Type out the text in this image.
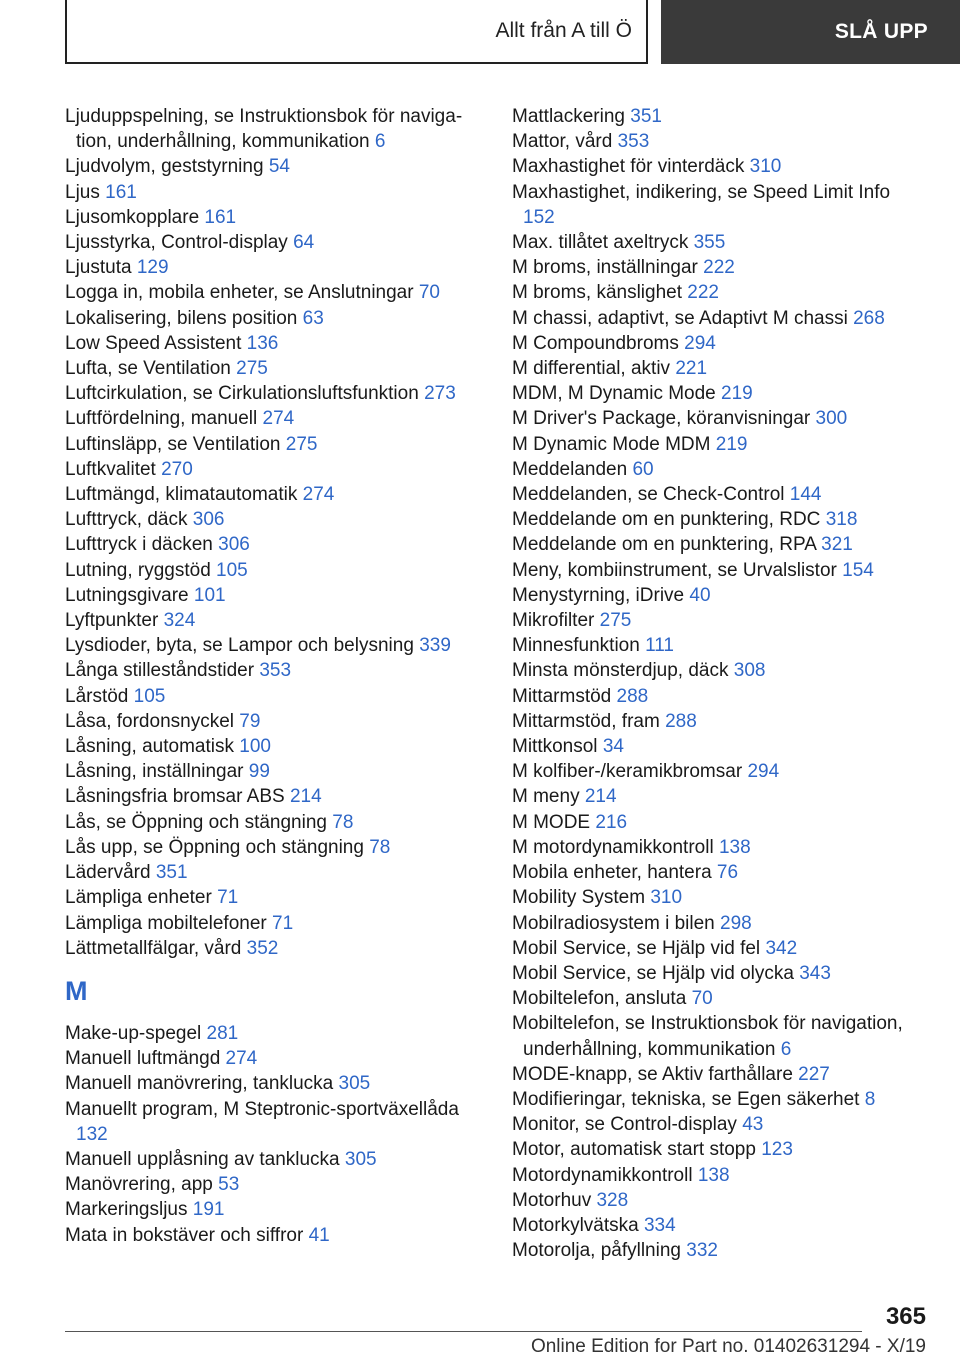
Allt från A till Ö	SLÅ UPP
Ljuduppspelning, se Instruktionsbok för navigation, underhållning, kommunikation 6
Ljudvolym, geststyrning 54
Ljus 161
Ljusomkopplare 161
Ljusstyrka, Control-display 64
Ljustuta 129
Logga in, mobila enheter, se Anslutningar 70
Lokalisering, bilens position 63
Low Speed Assistent 136
Lufta, se Ventilation 275
Luftcirkulation, se Cirkulationsluftsfunktion 273
Luftfördelning, manuell 274
Luftinsläpp, se Ventilation 275
Luftkvalitet 270
Luftmängd, klimatautomatik 274
Lufttryck, däck 306
Lufttryck i däcken 306
Lutning, ryggstöd 105
Lutningsgivare 101
Lyftpunkter 324
Lysdioder, byta, se Lampor och belysning 339
Långa stilleståndstider 353
Lårstöd 105
Låsa, fordonsnyckel 79
Låsning, automatisk 100
Låsning, inställningar 99
Låsningsfria bromsar ABS 214
Lås, se Öppning och stängning 78
Lås upp, se Öppning och stängning 78
Lädervård 351
Lämpliga enheter 71
Lämpliga mobiltelefoner 71
Lättmetallfälgar, vård 352
M
Make-up-spegel 281
Manuell luftmängd 274
Manuell manövrering, tanklucka 305
Manuellt program, M Steptronic-sportväxellåda 132
Manuell upplåsning av tanklucka 305
Manövrering, app 53
Markeringsljus 191
Mata in bokstäver och siffror 41
Mattlackering 351
Mattor, vård 353
Maxhastighet för vinterdäck 310
Maxhastighet, indikering, se Speed Limit Info 152
Max. tillåtet axeltryck 355
M broms, inställningar 222
M broms, känslighet 222
M chassi, adaptivt, se Adaptivt M chassi 268
M Compoundbroms 294
M differential, aktiv 221
MDM, M Dynamic Mode 219
M Driver's Package, köranvisningar 300
M Dynamic Mode MDM 219
Meddelanden 60
Meddelanden, se Check-Control 144
Meddelande om en punktering, RDC 318
Meddelande om en punktering, RPA 321
Meny, kombiinstrument, se Urvalslistor 154
Menystyrning, iDrive 40
Mikrofilter 275
Minnesfunktion 111
Minsta mönsterdjup, däck 308
Mittarmstöd 288
Mittarmstöd, fram 288
Mittkonsol 34
M kolfiber-/keramikbromsar 294
M meny 214
M MODE 216
M motordynamikkontroll 138
Mobila enheter, hantera 76
Mobility System 310
Mobilradiosystem i bilen 298
Mobil Service, se Hjälp vid fel 342
Mobil Service, se Hjälp vid olycka 343
Mobiltelefon, ansluta 70
Mobiltelefon, se Instruktionsbok för navigation, underhållning, kommunikation 6
MODE-knapp, se Aktiv farthållare 227
Modifieringar, tekniska, se Egen säkerhet 8
Monitor, se Control-display 43
Motor, automatisk start stopp 123
Motordynamikkontroll 138
Motorhuv 328
Motorkylvätska 334
Motorolja, påfyllning 332
365
Online Edition for Part no. 01402631294 - X/19
